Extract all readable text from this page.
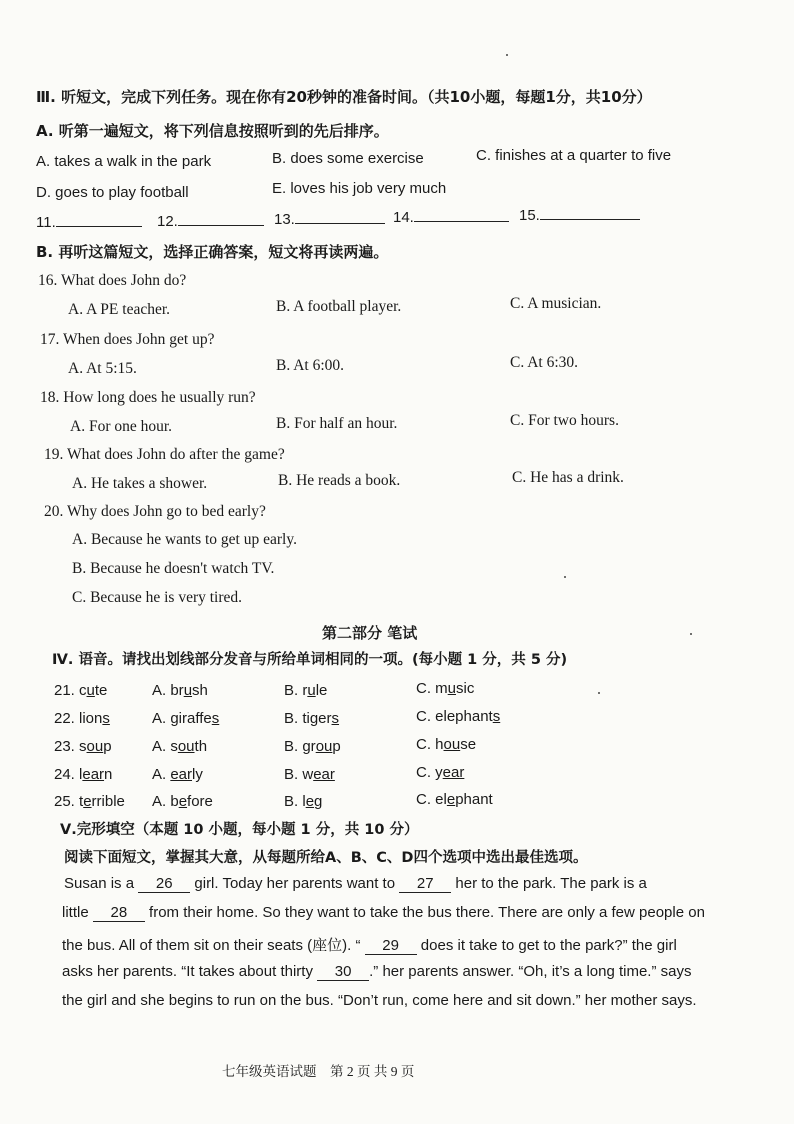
Ⅲ. 听短文，完成下列任务。现在你有20秒钟的准备时间。（共10小题，每题1分，共10分）
A. 听第一遍短文，将下列信息按照听到的先后排序。
A. takes a walk in the park	B. does some exercise	C. finishes at a quarter to five
D. goes to play football	E. loves his job very much
11.	12.	13.	14.	15.
B. 再听这篇短文，选择正确答案，短文将再读两遍。
16. What does John do?
A. A PE teacher.	B. A football player.	C. A musician.
17. When does John get up?
A. At 5:15.	B. At 6:00.	C. At 6:30.
18. How long does he usually run?
A. For one hour.	B. For half an hour.	C. For two hours.
19. What does John do after the game?
A. He takes a shower.	B. He reads a book.	C. He has a drink.
20. Why does John go to bed early?
A. Because he wants to get up early.
B. Because he doesn't watch TV.
C. Because he is very tired.
第二部分 笔试
Ⅳ. 语音。请找出划线部分发音与所给单词相同的一项。(每小题 1 分，共 5 分)
21. cute	A. brush	B. rule	C. music
22. lions	A. giraffes	B. tigers	C. elephants
23. soup	A. south	B. group	C. house
24. learn	A. early	B. wear	C. year
25. terrible A. before	B. leg	C. elephant
Ⅴ.完形填空（本题 10 小题，每小题 1 分，共 10 分）
阅读下面短文，掌握其大意，从每题所给A、B、C、D四个选项中选出最佳选项。
Susan is a 26 girl. Today her parents want to 27 her to the park. The park is a
little 28 from their home. So they want to take the bus there. There are only a few people on
the bus. All of them sit on their seats (座位). “ 29 does it take to get to the park?” the girl
asks her parents. “It takes about thirty 30 .” her parents answer. “Oh, it’s a long time.” says
the girl and she begins to run on the bus. “Don’t run, come here and sit down.” her mother says.
七年级英语试题　第 2 页 共 9 页
